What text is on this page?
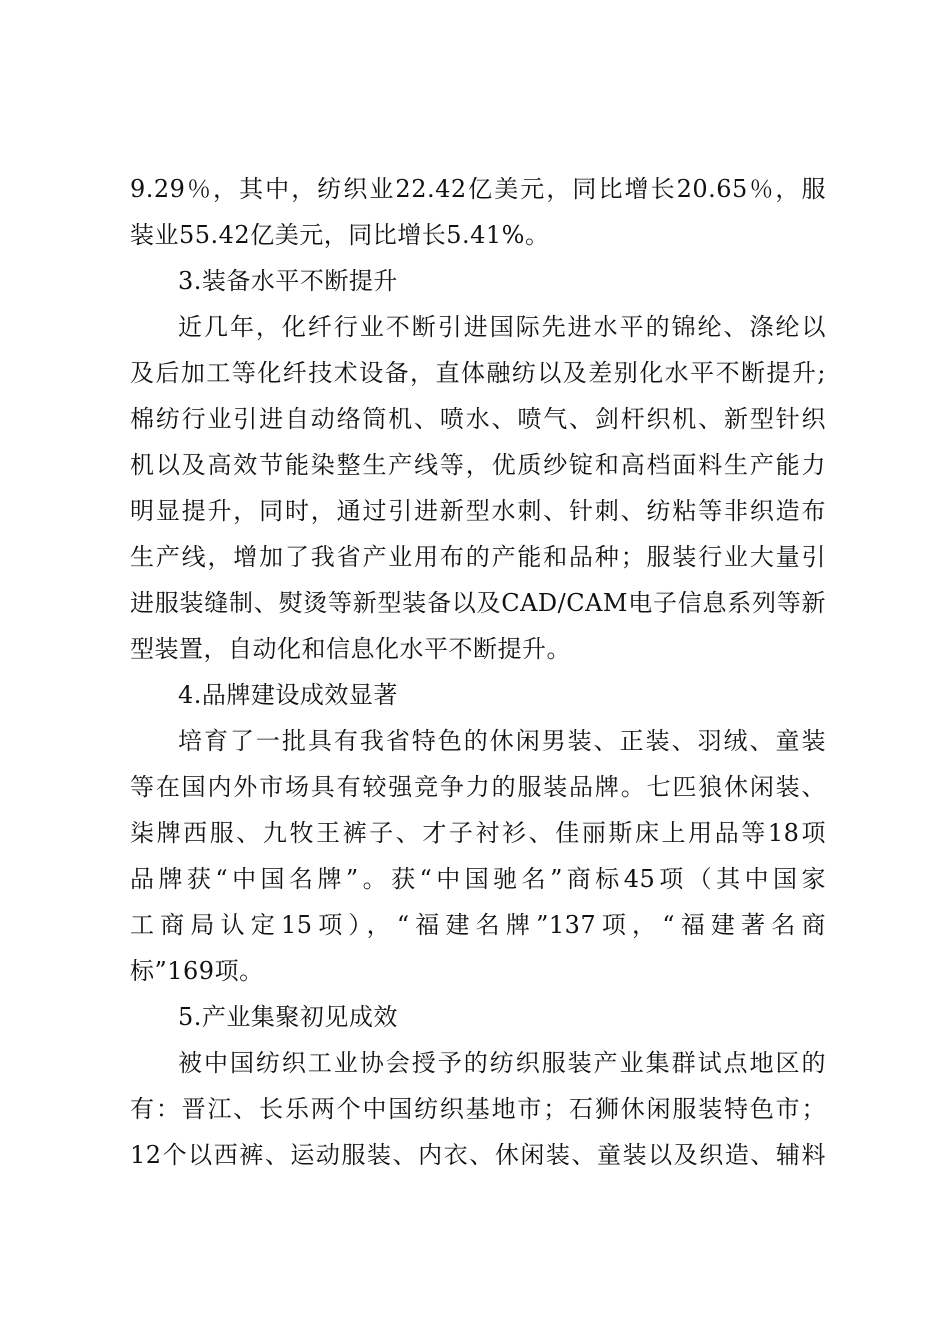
9.29％，其中，纺织业22.42亿美元，同比增长20.65％，服
装业55.42亿美元，同比增长5.41%。
3.装备水平不断提升
近几年，化纤行业不断引进国际先进水平的锦纶、涤纶以
及后加工等化纤技术设备，直体融纺以及差别化水平不断提升;
棉纺行业引进自动络筒机、喷水、喷气、剑杆织机、新型针织
机以及高效节能染整生产线等，优质纱锭和高档面料生产能力
明显提升，同时，通过引进新型水刺、针刺、纺粘等非织造布
生产线，增加了我省产业用布的产能和品种；服装行业大量引
进服装缝制、熨烫等新型装备以及CAD/CAM电子信息系列等新
型装置，自动化和信息化水平不断提升。
4.品牌建设成效显著
培育了一批具有我省特色的休闲男装、正装、羽绒、童装
等在国内外市场具有较强竞争力的服装品牌。七匹狼休闲装、
柒牌西服、九牧王裤子、才子衬衫、佳丽斯床上用品等18项
品牌获“中国名牌”。获“中国驰名”商标45项（其中国家
工商局认定15项），“福建名牌”137项，“福建著名商
标”169项。
5.产业集聚初见成效
被中国纺织工业协会授予的纺织服装产业集群试点地区的
有：晋江、长乐两个中国纺织基地市；石狮休闲服装特色市；
12个以西裤、运动服装、内衣、休闲装、童装以及织造、辅料
